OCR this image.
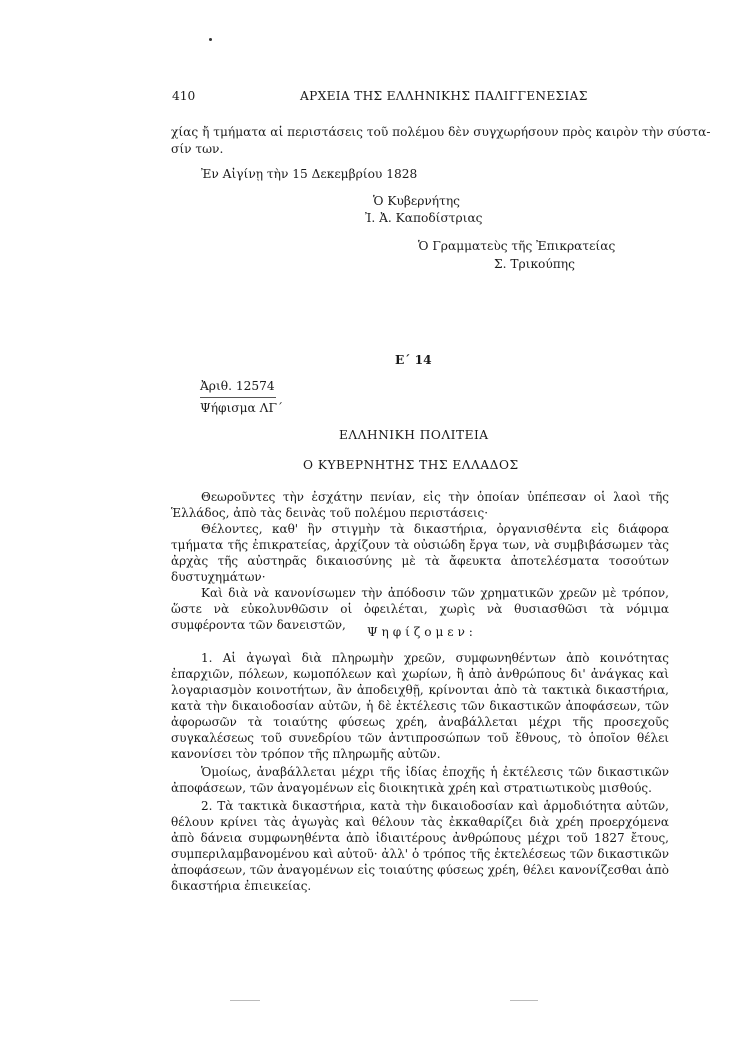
410	ΑΡΧΕΙΑ ΤΗΣ ΕΛΛΗΝΙΚΗΣ ΠΑΛΙΓΓΕΝΕΣΙΑΣ
χίας ἤ τμήματα αἱ περιστάσεις τοῦ πολέμου δὲν συγχωρήσουν πρὸς καιρὸν τὴν σύστα-
σίν των.
Ἐν Αἰγίνῃ τὴν 15 Δεκεμβρίου 1828
Ὁ Κυβερνήτης
Ἰ. Ἀ. Καποδίστριας
Ὁ Γραμματεὺς τῆς Ἐπικρατείας
Σ. Τρικούπης
Ε΄ 14
Ἀριθ. 12574
Ψήφισμα ΛΓ΄
ΕΛΛΗΝΙΚΗ ΠΟΛΙΤΕΙΑ
Ο ΚΥΒΕΡΝΗΤΗΣ ΤΗΣ ΕΛΛΑΔΟΣ

Θεωροῦντες τὴν ἐσχάτην πενίαν, εἰς τὴν ὁποίαν ὑπέπεσαν οἱ λαοὶ τῆς Ἑλλάδος, ἀπὸ τὰς δεινὰς τοῦ πολέμου περιστάσεις·

Θέλοντες, καθ' ἣν στιγμὴν τὰ δικαστήρια, ὀργανισθέντα εἰς διάφορα τμήματα τῆς ἐπικρατείας, ἀρχίζουν τὰ οὐσιώδη ἔργα των, νὰ συμβιβάσωμεν τὰς ἀρχὰς τῆς αὐστηρᾶς δικαιοσύνης μὲ τὰ ἄφευκτα ἀποτελέσματα τοσούτων δυστυχημάτων·

Καὶ διὰ νὰ κανονίσωμεν τὴν ἀπόδοσιν τῶν χρηματικῶν χρεῶν μὲ τρόπον, ὥστε νὰ εὐκολυνθῶσιν οἱ ὀφειλέται, χωρὶς νὰ θυσιασθῶσι τὰ νόμιμα συμφέροντα τῶν δανειστῶν,	Ψ η φ ί ζ ο μ ε ν :

1. Αἱ ἀγωγαὶ διὰ πληρωμὴν χρεῶν, συμφωνηθέντων ἀπὸ κοινότητας ἐπαρχιῶν, πόλεων, κωμοπόλεων καὶ χωρίων, ἢ ἀπὸ ἀνθρώπους δι' ἀνάγκας καὶ λογαριασμὸν κοινοτήτων, ἂν ἀποδειχθῇ, κρίνονται ἀπὸ τὰ τακτικὰ δικαστήρια, κατὰ τὴν δικαιοδοσίαν αὐτῶν, ἡ δὲ ἐκτέλεσις τῶν δικαστικῶν ἀποφάσεων, τῶν ἀφορωσῶν τὰ τοιαύτης φύσεως χρέη, ἀναβάλλεται μέχρι τῆς προσεχοῦς συγκαλέσεως τοῦ συνεδρίου τῶν ἀντιπροσώπων τοῦ ἔθνους, τὸ ὁποῖον θέλει κανονίσει τὸν τρόπον τῆς πληρωμῆς αὐτῶν.

Ὁμοίως, ἀναβάλλεται μέχρι τῆς ἰδίας ἐποχῆς ἡ ἐκτέλεσις τῶν δικαστικῶν ἀποφάσεων, τῶν ἀναγομένων εἰς διοικητικὰ χρέη καὶ στρατιωτικοὺς μισθούς.

2. Τὰ τακτικὰ δικαστήρια, κατὰ τὴν δικαιοδοσίαν καὶ ἁρμοδιότητα αὐτῶν, θέλουν κρίνει τὰς ἀγωγὰς καὶ θέλουν τὰς ἐκκαθαρίζει διὰ χρέη προερχόμενα ἀπὸ δάνεια συμφωνηθέντα ἀπὸ ἰδιαιτέρους ἀνθρώπους μέχρι τοῦ 1827 ἔτους, συμπεριλαμβανομένου καὶ αὐτοῦ· ἀλλ' ὁ τρόπος τῆς ἐκτελέσεως τῶν δικαστικῶν ἀποφάσεων, τῶν ἀναγομένων εἰς τοιαύτης φύσεως χρέη, θέλει κανονίζεσθαι ἀπὸ δικαστήρια ἐπιεικείας.
